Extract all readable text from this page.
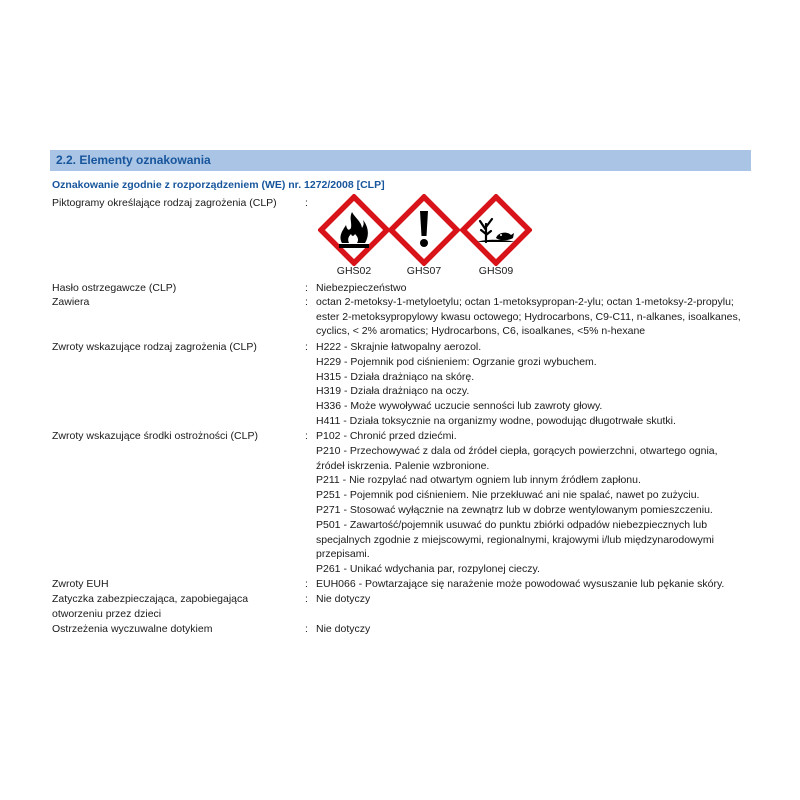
2.2. Elementy oznakowania
Oznakowanie zgodnie z rozporządzeniem (WE) nr. 1272/2008 [CLP]
Piktogramy określające rodzaj zagrożenia (CLP)	:
GHS02	GHS07	GHS09
Hasło ostrzegawcze (CLP)	: Niebezpieczeństwo
Zawiera	: octan 2-metoksy-1-metyloetylu; octan 1-metoksypropan-2-ylu; octan 1-metoksy-2-propylu;
ester 2-metoksypropylowy kwasu octowego; Hydrocarbons, C9-C11, n-alkanes, isoalkanes,
cyclics, < 2% aromatics; Hydrocarbons, C6, isoalkanes, <5% n-hexane
Zwroty wskazujące rodzaj zagrożenia (CLP)	: H222 - Skrajnie łatwopalny aerozol.
H229 - Pojemnik pod ciśnieniem: Ogrzanie grozi wybuchem.
H315 - Działa drażniąco na skórę.
H319 - Działa drażniąco na oczy.
H336 - Może wywoływać uczucie senności lub zawroty głowy.
H411 - Działa toksycznie na organizmy wodne, powodując długotrwałe skutki.
Zwroty wskazujące środki ostrożności (CLP)	: P102 - Chronić przed dziećmi.
P210 - Przechowywać z dala od źródeł ciepła, gorących powierzchni, otwartego ognia,
źródeł iskrzenia. Palenie wzbronione.
P211 - Nie rozpylać nad otwartym ogniem lub innym źródłem zapłonu.
P251 - Pojemnik pod ciśnieniem. Nie przekłuwać ani nie spalać, nawet po zużyciu.
P271 - Stosować wyłącznie na zewnątrz lub w dobrze wentylowanym pomieszczeniu.
P501 - Zawartość/pojemnik usuwać do punktu zbiórki odpadów niebezpiecznych lub
specjalnych zgodnie z miejscowymi, regionalnymi, krajowymi i/lub międzynarodowymi
przepisami.
P261 - Unikać wdychania par, rozpylonej cieczy.
Zwroty EUH	: EUH066 - Powtarzające się narażenie może powodować wysuszanie lub pękanie skóry.
Zatyczka zabezpieczająca, zapobiegająca
otworzeniu przez dzieci
: Nie dotyczy
Ostrzeżenia wyczuwalne dotykiem	: Nie dotyczy
